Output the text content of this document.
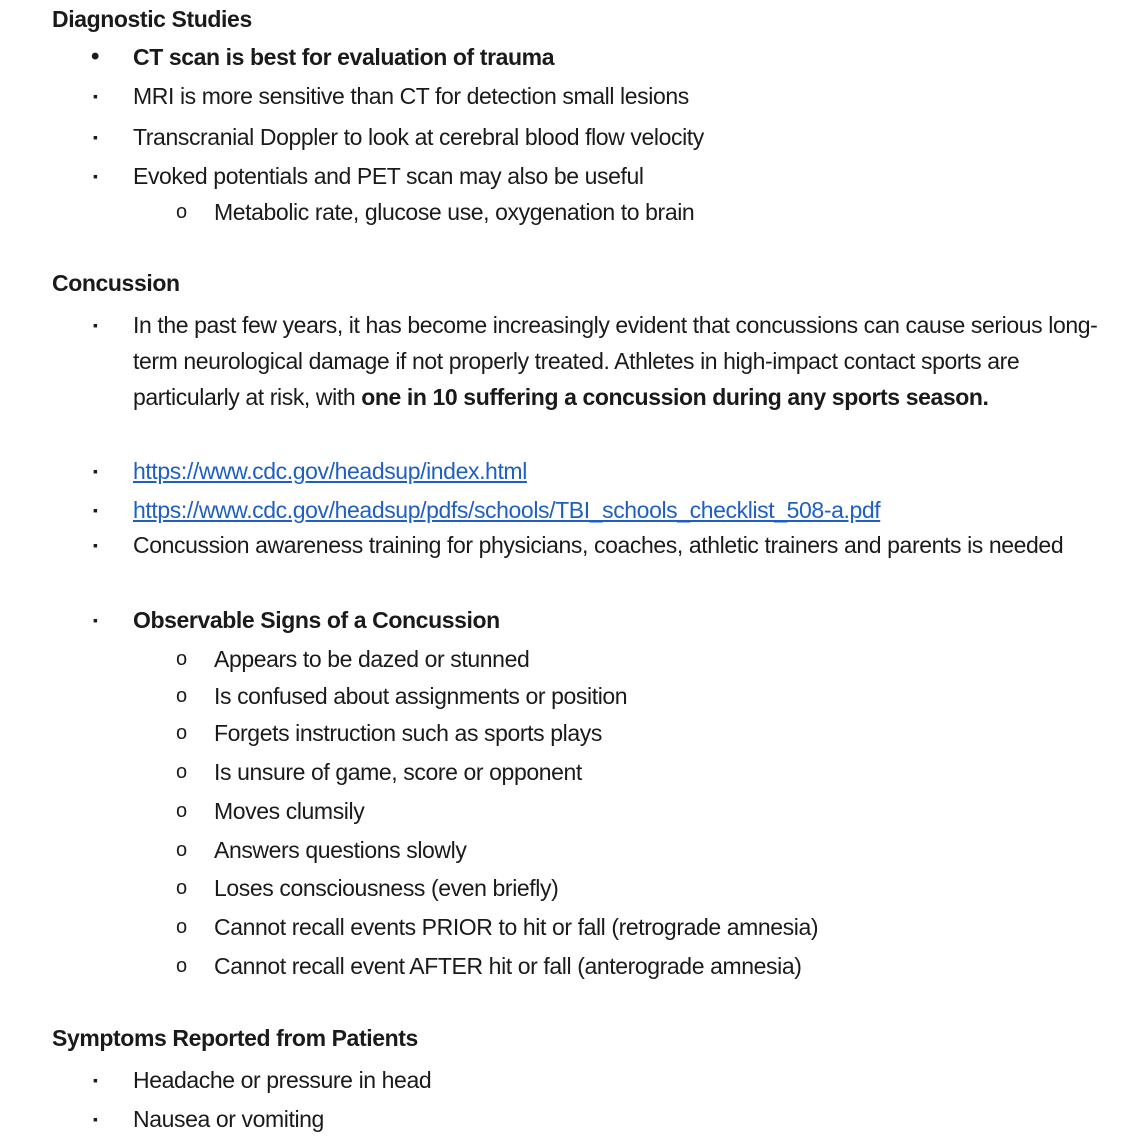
Diagnostic Studies
• CT scan is best for evaluation of trauma
▪ MRI is more sensitive than CT for detection small lesions
▪ Transcranial Doppler to look at cerebral blood flow velocity
▪ Evoked potentials and PET scan may also be useful
o Metabolic rate, glucose use, oxygenation to brain
Concussion
▪ In the past few years, it has become increasingly evident that concussions can cause serious long-term neurological damage if not properly treated. Athletes in high-impact contact sports are particularly at risk, with one in 10 suffering a concussion during any sports season.
▪ https://www.cdc.gov/headsup/index.html
▪ https://www.cdc.gov/headsup/pdfs/schools/TBI_schools_checklist_508-a.pdf
▪ Concussion awareness training for physicians, coaches, athletic trainers and parents is needed
▪ Observable Signs of a Concussion
o Appears to be dazed or stunned
o Is confused about assignments or position
o Forgets instruction such as sports plays
o Is unsure of game, score or opponent
o Moves clumsily
o Answers questions slowly
o Loses consciousness (even briefly)
o Cannot recall events PRIOR to hit or fall (retrograde amnesia)
o Cannot recall event AFTER hit or fall (anterograde amnesia)
Symptoms Reported from Patients
▪ Headache or pressure in head
▪ Nausea or vomiting
